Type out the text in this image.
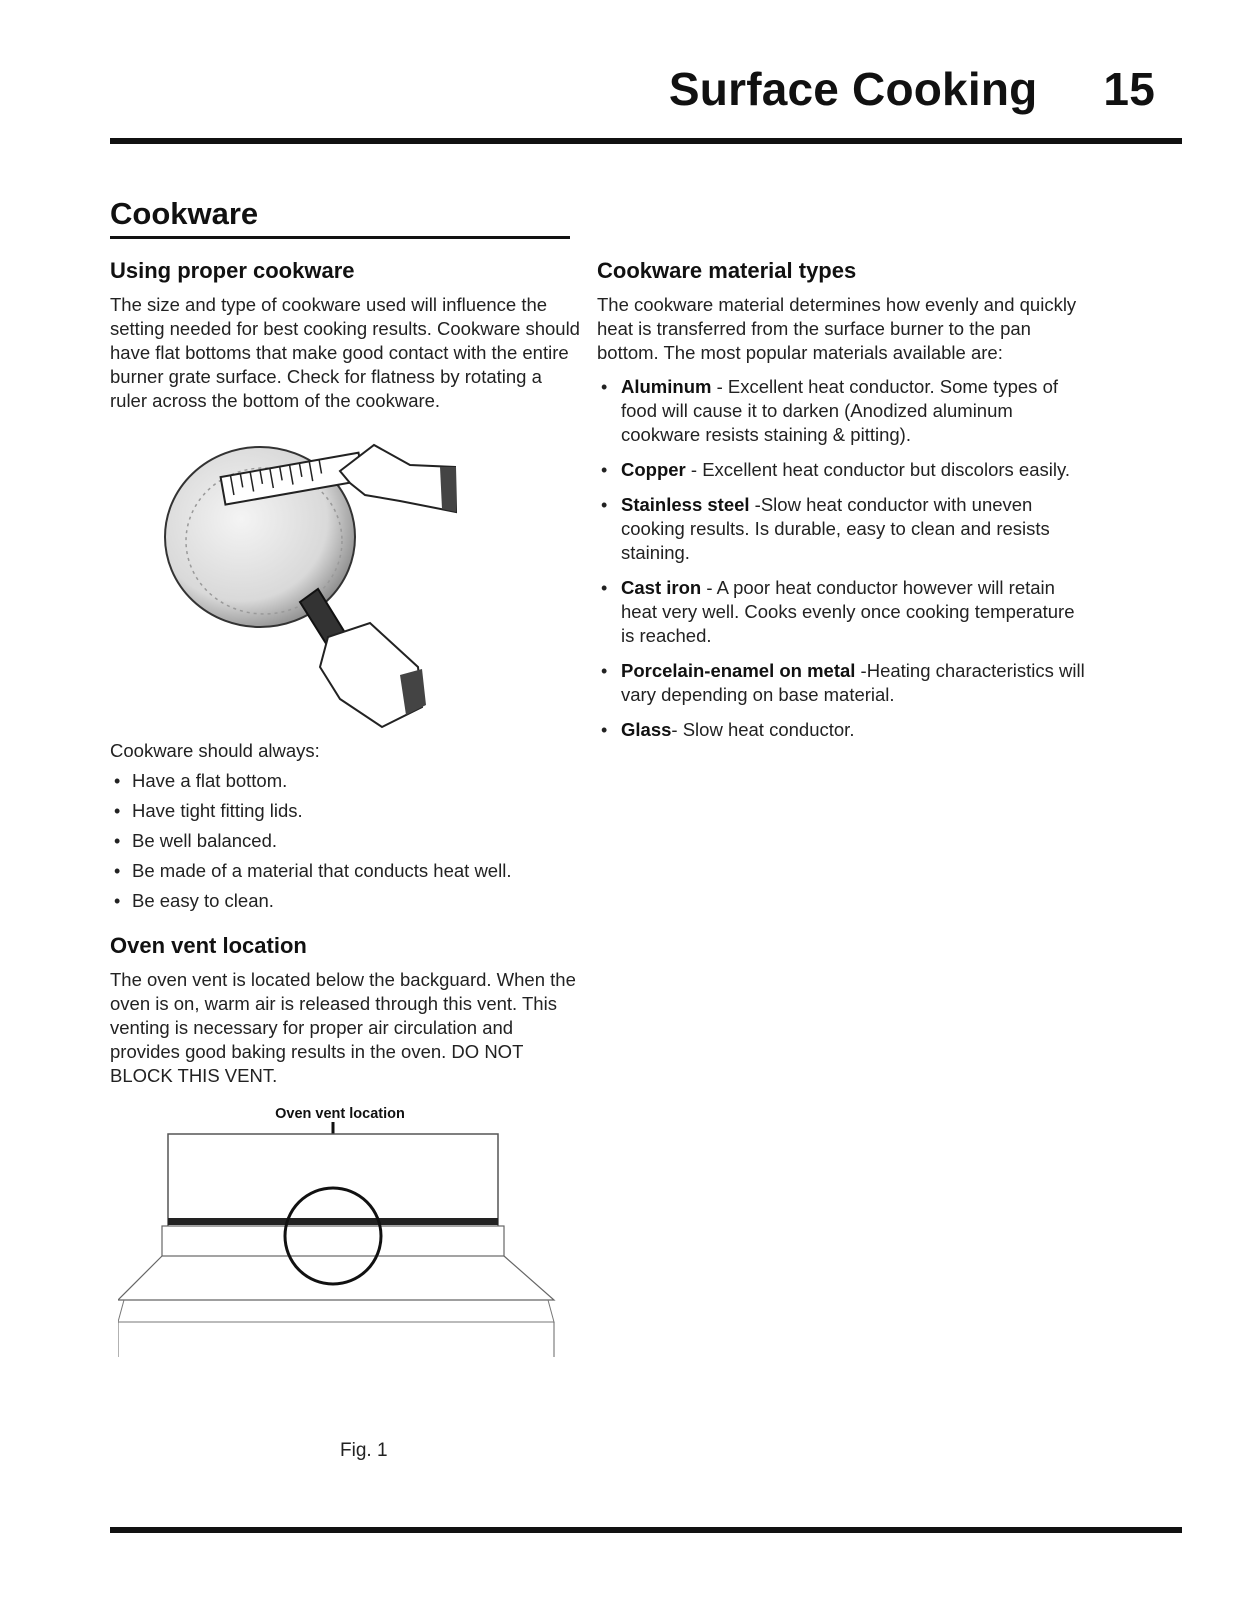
Surface Cooking 15
Cookware
Using proper cookware

The size and type of cookware used will influence the setting needed for best cooking results. Cookware should have flat bottoms that make good contact with the entire burner grate surface. Check for flatness by rotating a ruler across the bottom of the cookware.

Cookware should always:

• Have a flat bottom.
• Have tight fitting lids.
• Be well balanced.
• Be made of a material that conducts heat well.
• Be easy to clean.
Oven vent location

The oven vent is located below the backguard. When the oven is on, warm air is released through this vent. This venting is necessary for proper air circulation and provides good baking results in the oven. DO NOT BLOCK THIS VENT.

Oven vent location
Fig. 1
Cookware material types

The cookware material determines how evenly and quickly heat is transferred from the surface burner to the pan bottom. The most popular materials available are:

• Aluminum - Excellent heat conductor. Some types of food will cause it to darken (Anodized aluminum cookware resists staining & pitting).
• Copper - Excellent heat conductor but discolors easily.
• Stainless steel -Slow heat conductor with uneven cooking results. Is durable, easy to clean and resists staining.
• Cast iron - A poor heat conductor however will retain heat very well. Cooks evenly once cooking temperature is reached.
• Porcelain-enamel on metal -Heating characteristics will vary depending on base material.
• Glass- Slow heat conductor.
